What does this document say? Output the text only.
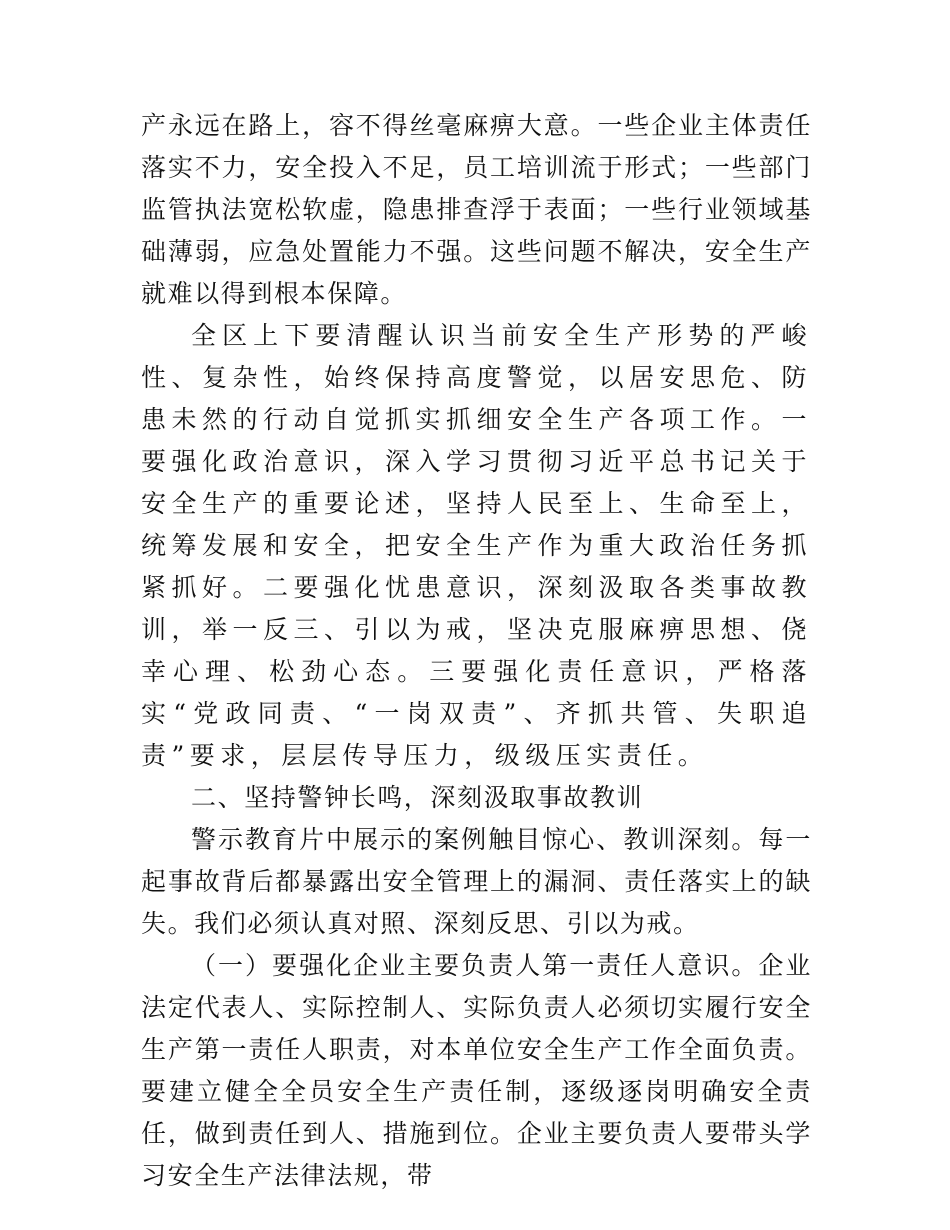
产永远在路上，容不得丝毫麻痹大意。一些企业主体责任落实不力，安全投入不足，员工培训流于形式；一些部门监管执法宽松软虚，隐患排查浮于表面；一些行业领域基础薄弱，应急处置能力不强。这些问题不解决，安全生产就难以得到根本保障。

全区上下要清醒认识当前安全生产形势的严峻性、复杂性，始终保持高度警觉，以居安思危、防患未然的行动自觉抓实抓细安全生产各项工作。一要强化政治意识，深入学习贯彻习近平总书记关于安全生产的重要论述，坚持人民至上、生命至上，统筹发展和安全，把安全生产作为重大政治任务抓紧抓好。二要强化忧患意识，深刻汲取各类事故教训，举一反三、引以为戒，坚决克服麻痹思想、侥幸心理、松劲心态。三要强化责任意识，严格落实“党政同责、“一岗双责”、齐抓共管、失职追责”要求，层层传导压力，级级压实责任。

二、坚持警钟长鸣，深刻汲取事故教训

警示教育片中展示的案例触目惊心、教训深刻。每一起事故背后都暴露出安全管理上的漏洞、责任落实上的缺失。我们必须认真对照、深刻反思、引以为戒。

（一）要强化企业主要负责人第一责任人意识。企业法定代表人、实际控制人、实际负责人必须切实履行安全生产第一责任人职责，对本单位安全生产工作全面负责。要建立健全全员安全生产责任制，逐级逐岗明确安全责任，做到责任到人、措施到位。企业主要负责人要带头学习安全生产法律法规，带
